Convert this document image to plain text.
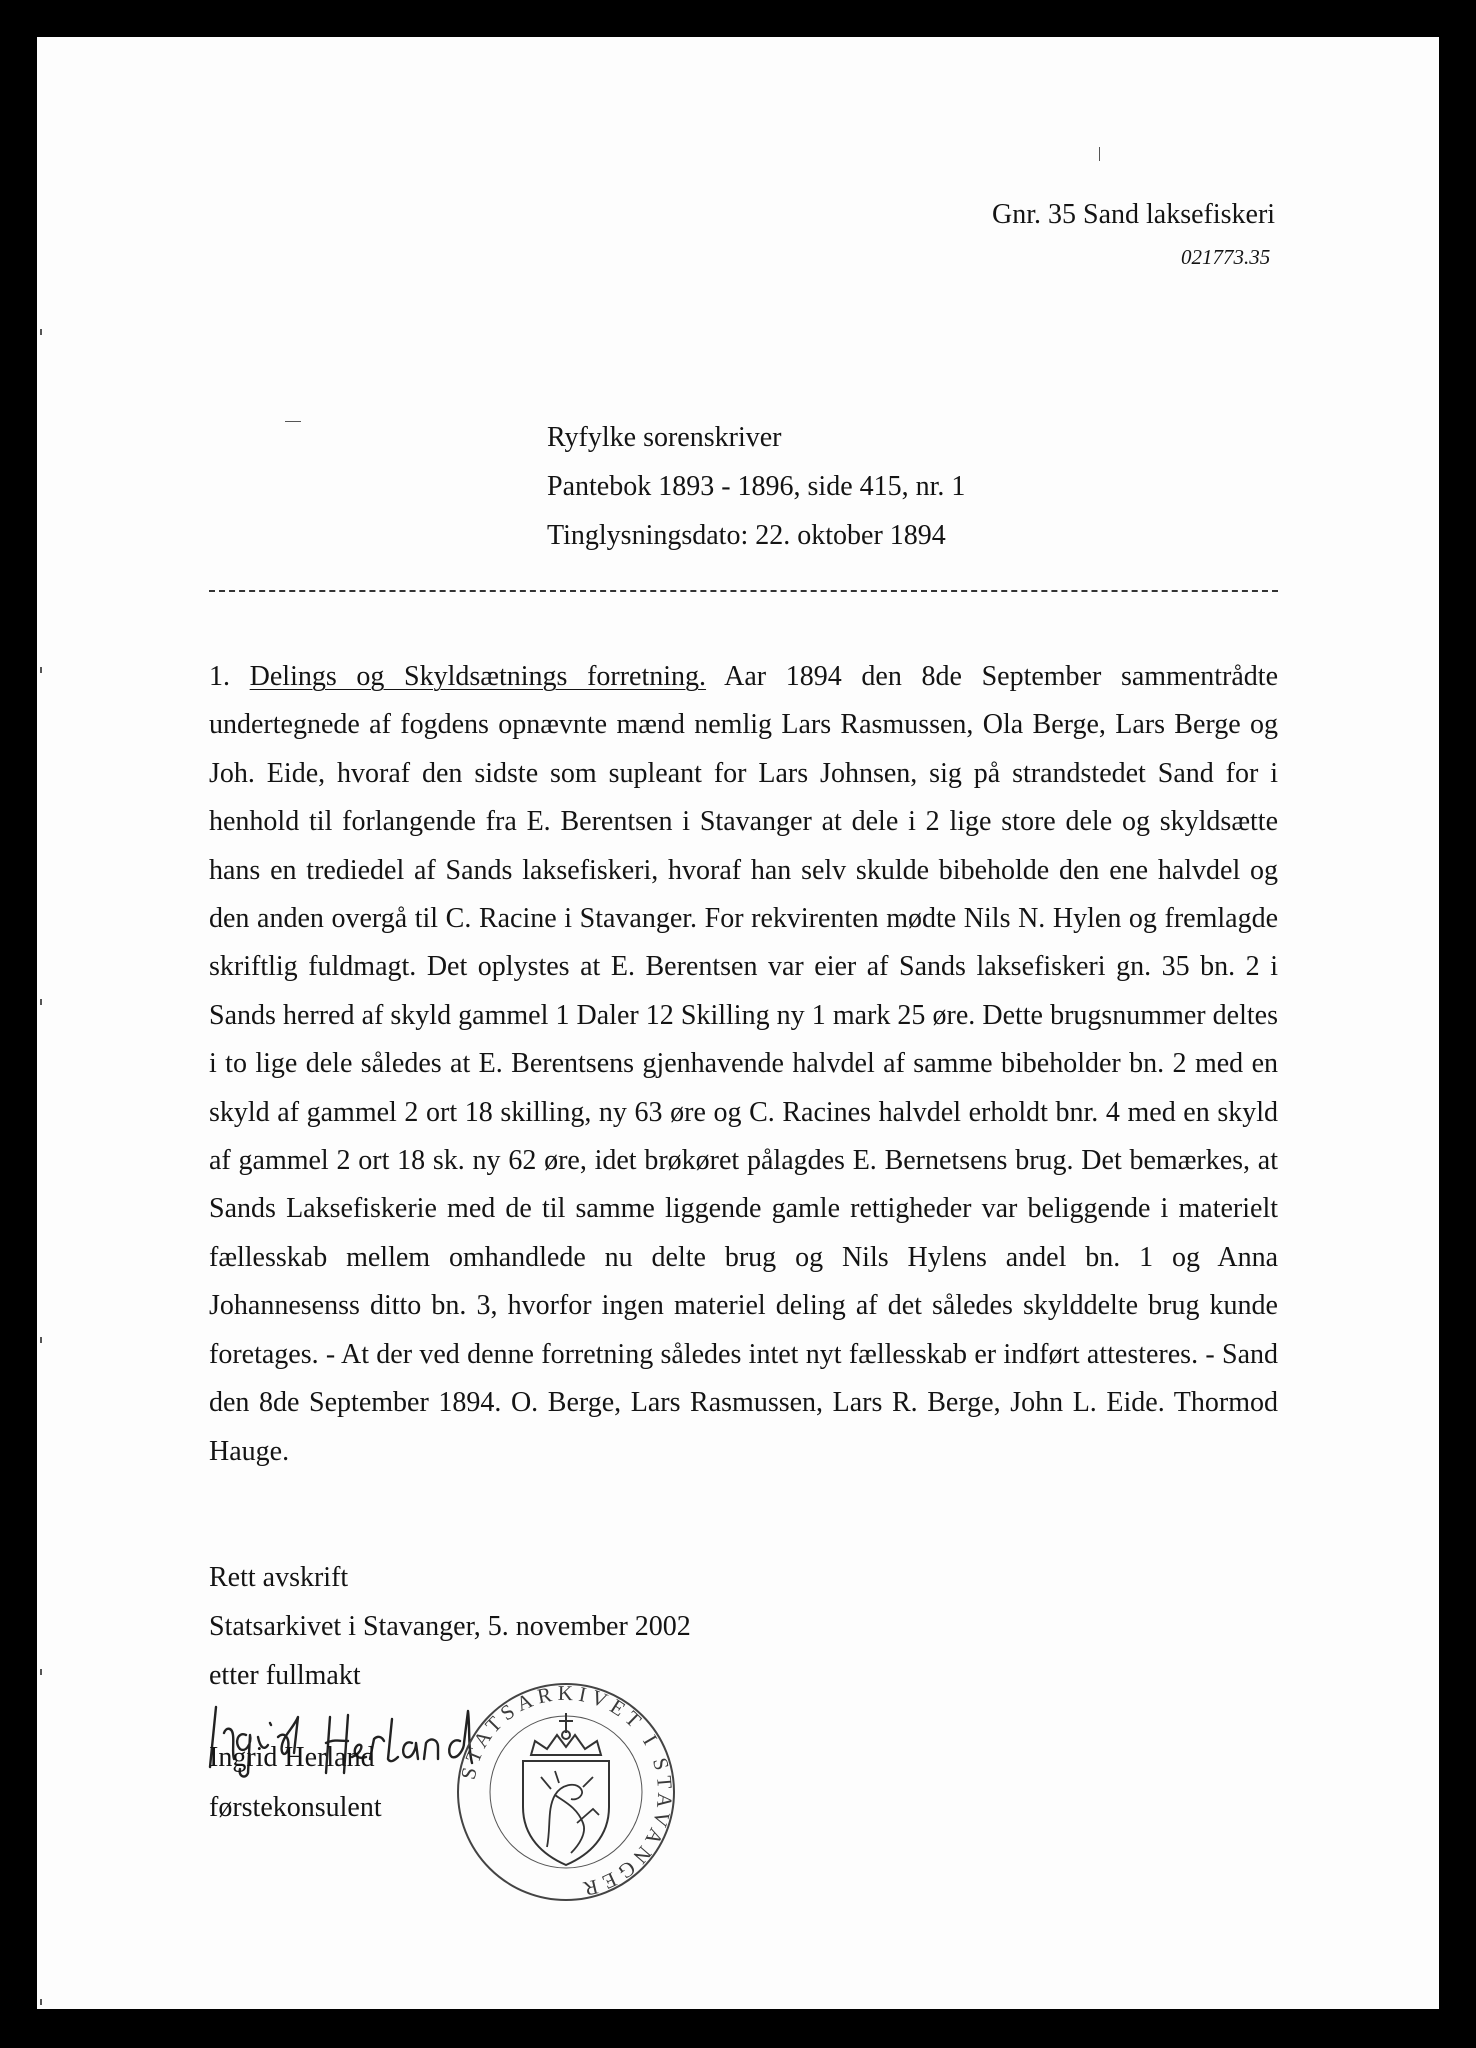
Gnr. 35 Sand laksefiskeri
021773.35
Ryfylke sorenskriver
Pantebok 1893 - 1896, side 415, nr. 1
Tinglysningsdato: 22. oktober 1894
1. Delings og Skyldsætnings forretning. Aar 1894 den 8de September sammentrådte undertegnede af fogdens opnævnte mænd nemlig Lars Rasmussen, Ola Berge, Lars Berge og Joh. Eide, hvoraf den sidste som supleant for Lars Johnsen, sig på strandstedet Sand for i henhold til forlangende fra E. Berentsen i Stavanger at dele i 2 lige store dele og skyldsætte hans en trediedel af Sands laksefiskeri, hvoraf han selv skulde bibeholde den ene halvdel og den anden overgå til C. Racine i Stavanger. For rekvirenten mødte Nils N. Hylen og fremlagde skriftlig fuldmagt. Det oplystes at E. Berentsen var eier af Sands laksefiskeri gn. 35 bn. 2 i Sands herred af skyld gammel 1 Daler 12 Skilling ny 1 mark 25 øre. Dette brugsnummer deltes i to lige dele således at E. Berentsens gjenhavende halvdel af samme bibeholder bn. 2 med en skyld af gammel 2 ort 18 skilling, ny 63 øre og C. Racines halvdel erholdt bnr. 4 med en skyld af gammel 2 ort 18 sk. ny 62 øre, idet brøkøret pålagdes E. Bernetsens brug. Det bemærkes, at Sands Laksefiskerie med de til samme liggende gamle rettigheder var beliggende i materielt fællesskab mellem omhandlede nu delte brug og Nils Hylens andel bn. 1 og Anna Johannesenss ditto bn. 3, hvorfor ingen materiel deling af det således skylddelte brug kunde foretages. - At der ved denne forretning således intet nyt fællesskab er indført attesteres. - Sand den 8de September 1894. O. Berge, Lars Rasmussen, Lars R. Berge, John L. Eide. Thormod Hauge.
Rett avskrift
Statsarkivet i Stavanger, 5. november 2002
etter fullmakt
Ingrid Herland
førstekonsulent
STATSARKIVET I STAVANGER
